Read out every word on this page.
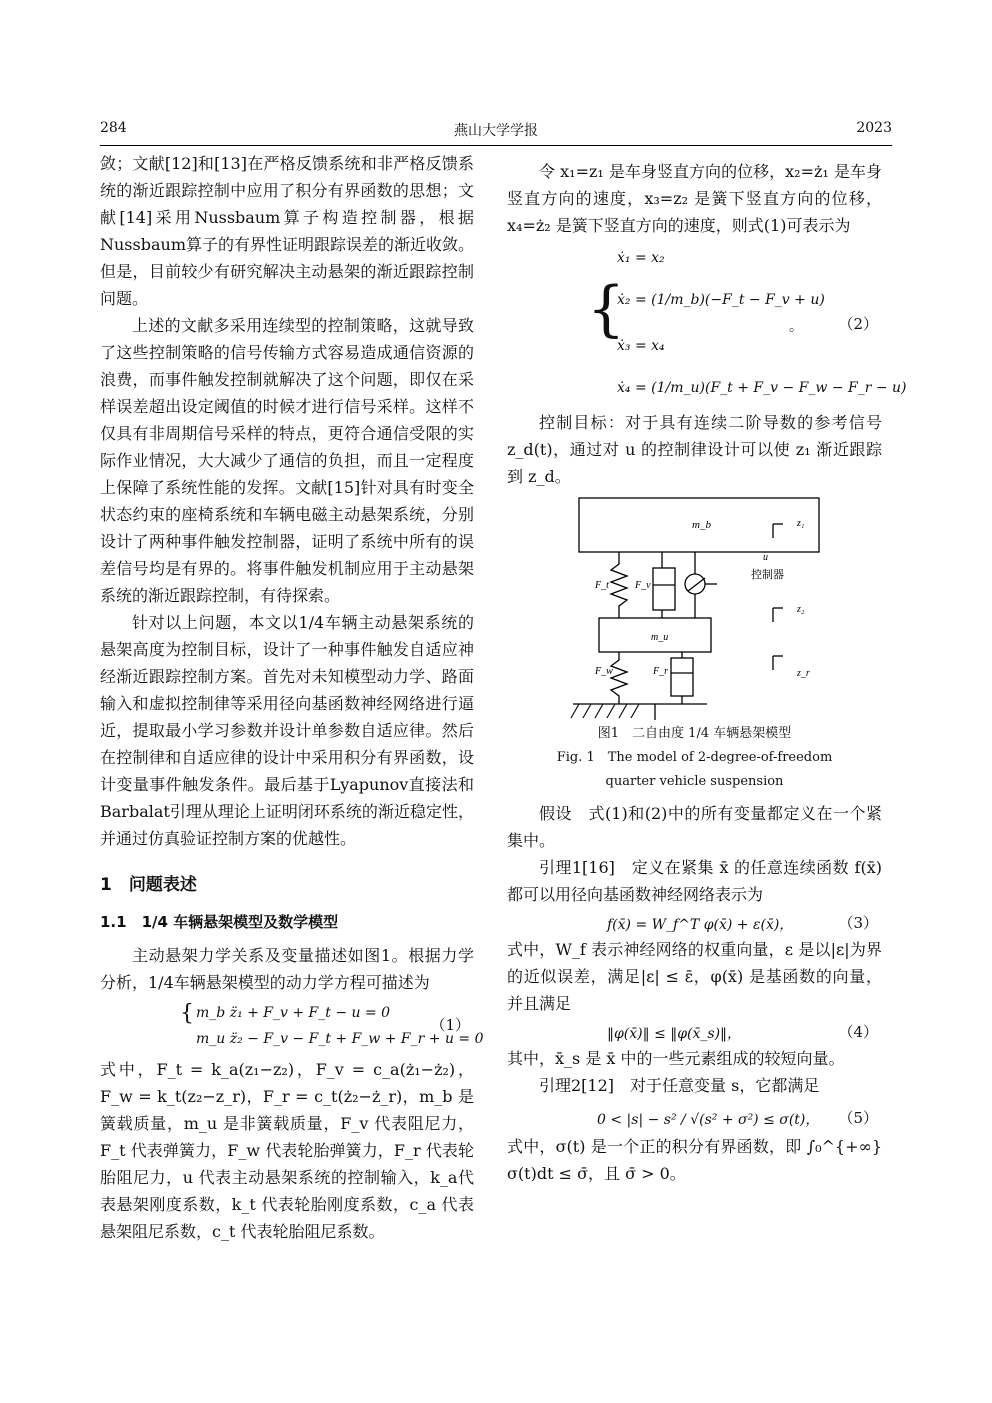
284	燕山大学学报	2023

敛；文献[12]和[13]在严格反馈系统和非严格反馈系统的渐近跟踪控制中应用了积分有界函数的思想；文献[14]采用Nussbaum算子构造控制器，根据Nussbaum算子的有界性证明跟踪误差的渐近收敛。但是，目前较少有研究解决主动悬架的渐近跟踪控制问题。

上述的文献多采用连续型的控制策略，这就导致了这些控制策略的信号传输方式容易造成通信资源的浪费，而事件触发控制就解决了这个问题，即仅在采样误差超出设定阈值的时候才进行信号采样。这样不仅具有非周期信号采样的特点，更符合通信受限的实际作业情况，大大减少了通信的负担，而且一定程度上保障了系统性能的发挥。文献[15]针对具有时变全状态约束的座椅系统和车辆电磁主动悬架系统，分别设计了两种事件触发控制器，证明了系统中所有的误差信号均是有界的。将事件触发机制应用于主动悬架系统的渐近跟踪控制，有待探索。

针对以上问题，本文以1/4车辆主动悬架系统的悬架高度为控制目标，设计了一种事件触发自适应神经渐近跟踪控制方案。首先对未知模型动力学、路面输入和虚拟控制律等采用径向基函数神经网络进行逼近，提取最小学习参数并设计单参数自适应律。然后在控制律和自适应律的设计中采用积分有界函数，设计变量事件触发条件。最后基于Lyapunov直接法和Barbalat引理从理论上证明闭环系统的渐近稳定性，并通过仿真验证控制方案的优越性。

1　问题表述
1.1　1/4 车辆悬架模型及数学模型

主动悬架力学关系及变量描述如图1。根据力学分析，1/4车辆悬架模型的动力学方程可描述为

{ m_b z̈₁ + F_v + F_t − u = 0
m_u z̈₂ − F_v − F_t + F_w + F_r + u = 0
（1）

式中，F_t = k_a(z₁−z₂)，F_v = c_a(ż₁−ż₂)，F_w = k_t(z₂−z_r)，F_r = c_t(ż₂−ż_r)，m_b 是簧载质量，m_u 是非簧载质量，F_v 代表阻尼力，F_t 代表弹簧力，F_w 代表轮胎弹簧力，F_r 代表轮胎阻尼力，u 代表主动悬架系统的控制输入，k_a代表悬架刚度系数，k_t 代表轮胎刚度系数，c_a 代表悬架阻尼系数，c_t 代表轮胎阻尼系数。

令 x₁=z₁ 是车身竖直方向的位移，x₂=ż₁ 是车身竖直方向的速度，x₃=z₂ 是簧下竖直方向的位移，x₄=ż₂ 是簧下竖直方向的速度，则式(1)可表示为

{
ẋ₁ = x₂
ẋ₂ = (1/m_b)(−F_t − F_v + u)
ẋ₃ = x₄
ẋ₄ = (1/m_u)(F_t + F_v − F_w − F_r − u)
。 （2）

控制目标：对于具有连续二阶导数的参考信号 z_d(t)，通过对 u 的控制律设计可以使 z₁ 渐近跟踪到 z_d。

m_b
F_t	F_v
m_u
F_w	F_r
z₁
u
控制器
z₂
z_r
图1　二自由度 1/4 车辆悬架模型
Fig. 1　The model of 2-degree-of-freedom
quarter vehicle suspension

假设　式(1)和(2)中的所有变量都定义在一个紧集中。

引理1[16]　定义在紧集 x̄ 的任意连续函数 f(x̄) 都可以用径向基函数神经网络表示为

f(x̄) = W_f^T φ(x̄) + ε(x̄)，	（3）

式中，W_f 表示神经网络的权重向量，ε 是以|ε|为界的近似误差，满足|ε| ≤ ε̄，φ(x̄) 是基函数的向量，并且满足

‖φ(x̄)‖ ≤ ‖φ(x̄_s)‖，	（4）

其中，x̄_s 是 x̄ 中的一些元素组成的较短向量。

引理2[12]　对于任意变量 s，它都满足

0 < |s| − s² / √(s² + σ²) ≤ σ(t)， （5）

式中，σ(t) 是一个正的积分有界函数，即 ∫₀^{+∞} σ(t)dt ≤ σ̄，且 σ̄ > 0。
